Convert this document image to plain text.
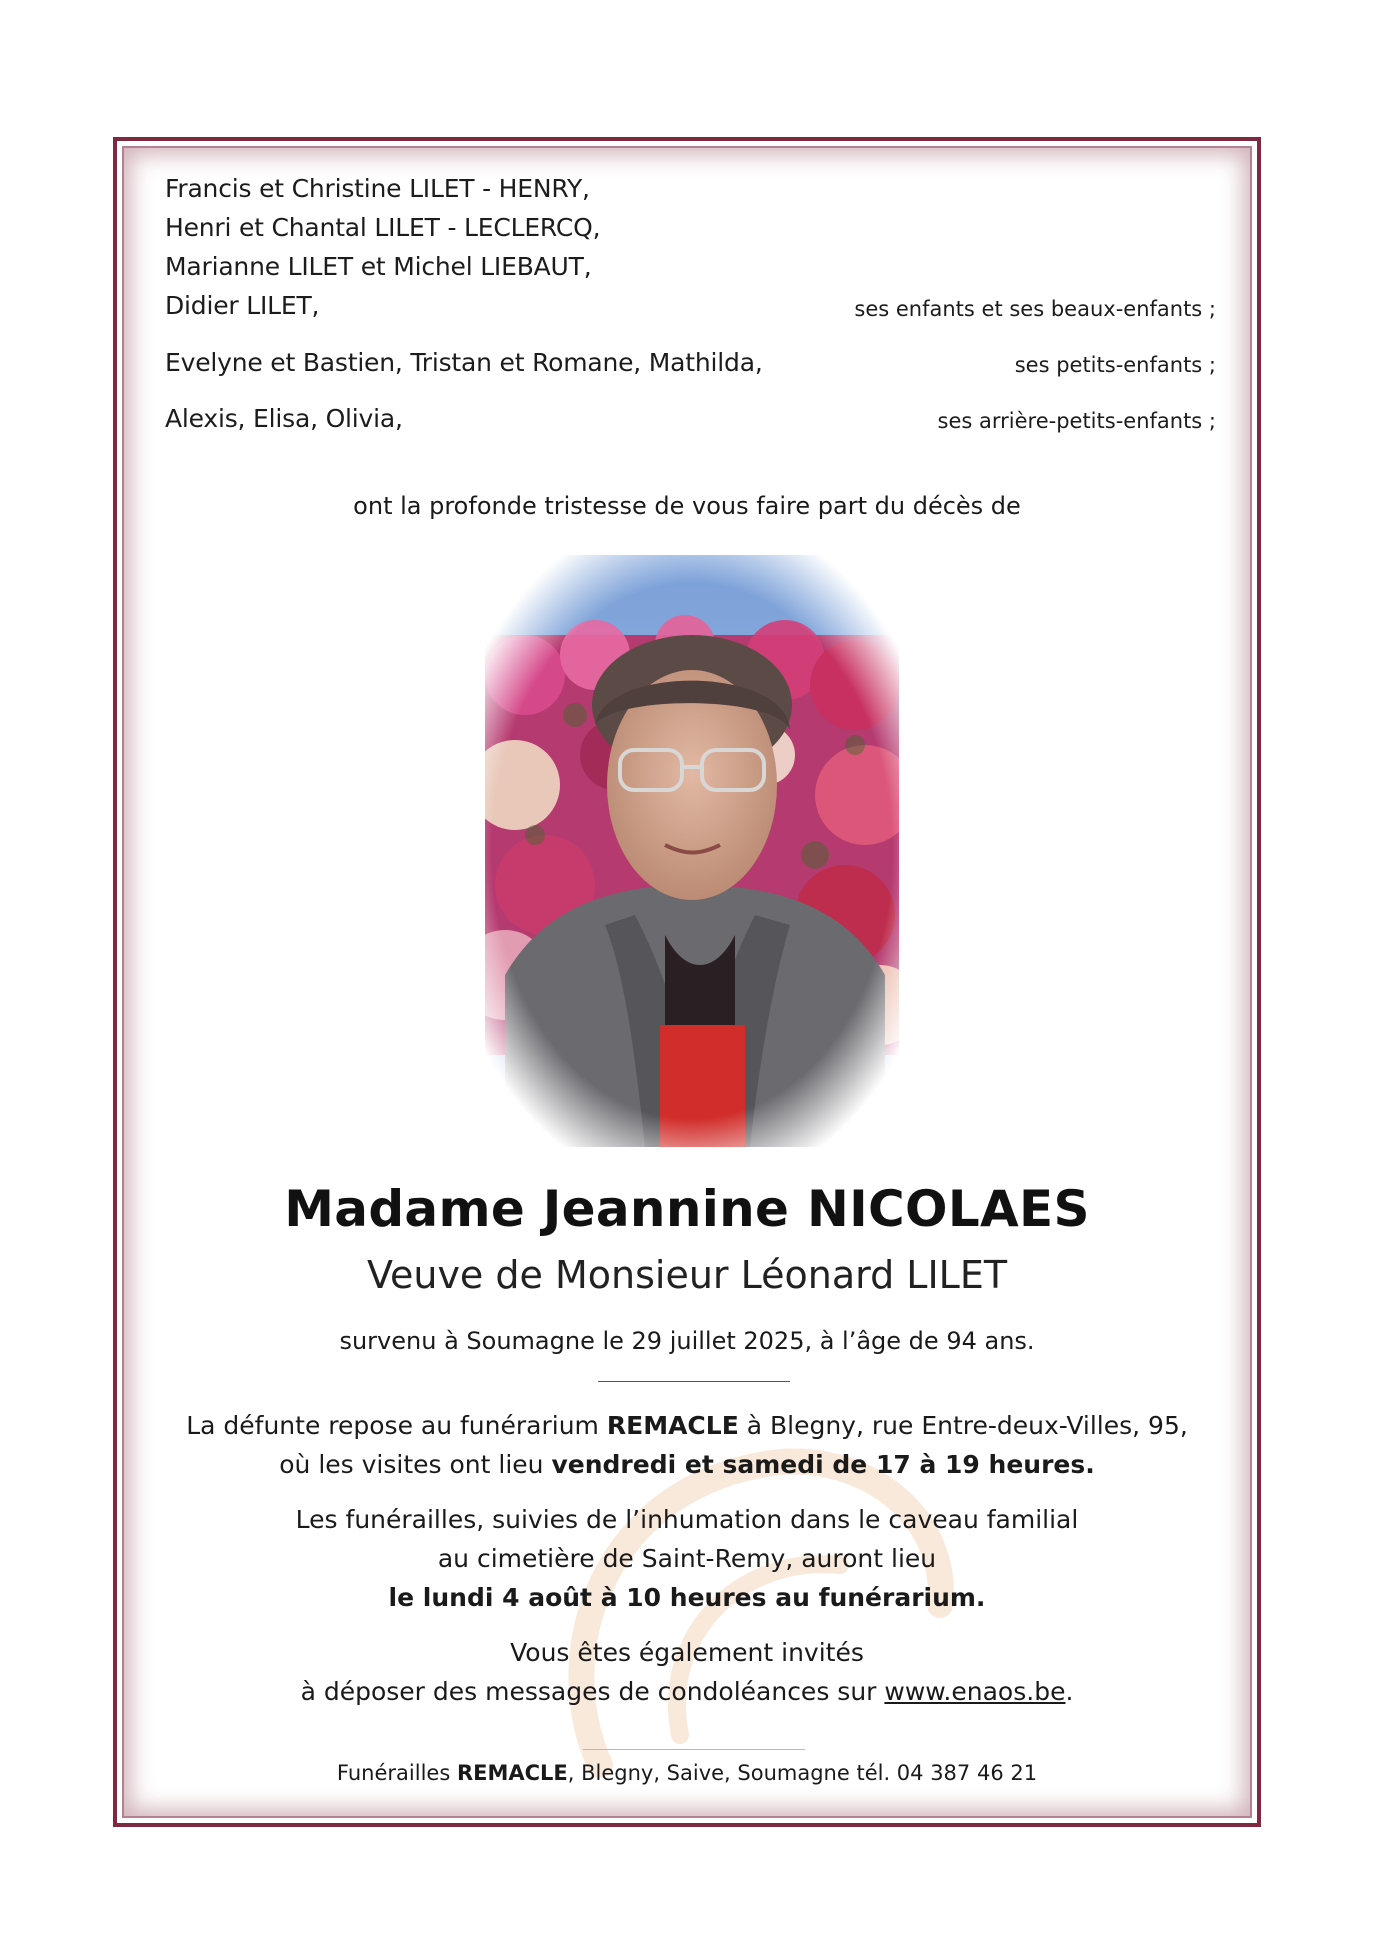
Francis et Christine LILET - HENRY,
Henri et Chantal LILET - LECLERCQ,
Marianne LILET et Michel LIEBAUT,
Didier LILET,	ses enfants et ses beaux-enfants ;
Evelyne et Bastien, Tristan et Romane, Mathilda,	ses petits-enfants ;
Alexis, Elisa, Olivia,	ses arrière-petits-enfants ;
ont la profonde tristesse de vous faire part du décès de
Madame Jeannine NICOLAES
Veuve de Monsieur Léonard LILET
survenu à Soumagne le 29 juillet 2025, à l’âge de 94 ans.
La défunte repose au funérarium REMACLE à Blegny, rue Entre-deux-Villes, 95,
où les visites ont lieu vendredi et samedi de 17 à 19 heures.
Les funérailles, suivies de l’inhumation dans le caveau familial
au cimetière de Saint-Remy, auront lieu
le lundi 4 août à 10 heures au funérarium.
Vous êtes également invités
à déposer des messages de condoléances sur www.enaos.be.
Funérailles REMACLE, Blegny, Saive, Soumagne tél. 04 387 46 21
